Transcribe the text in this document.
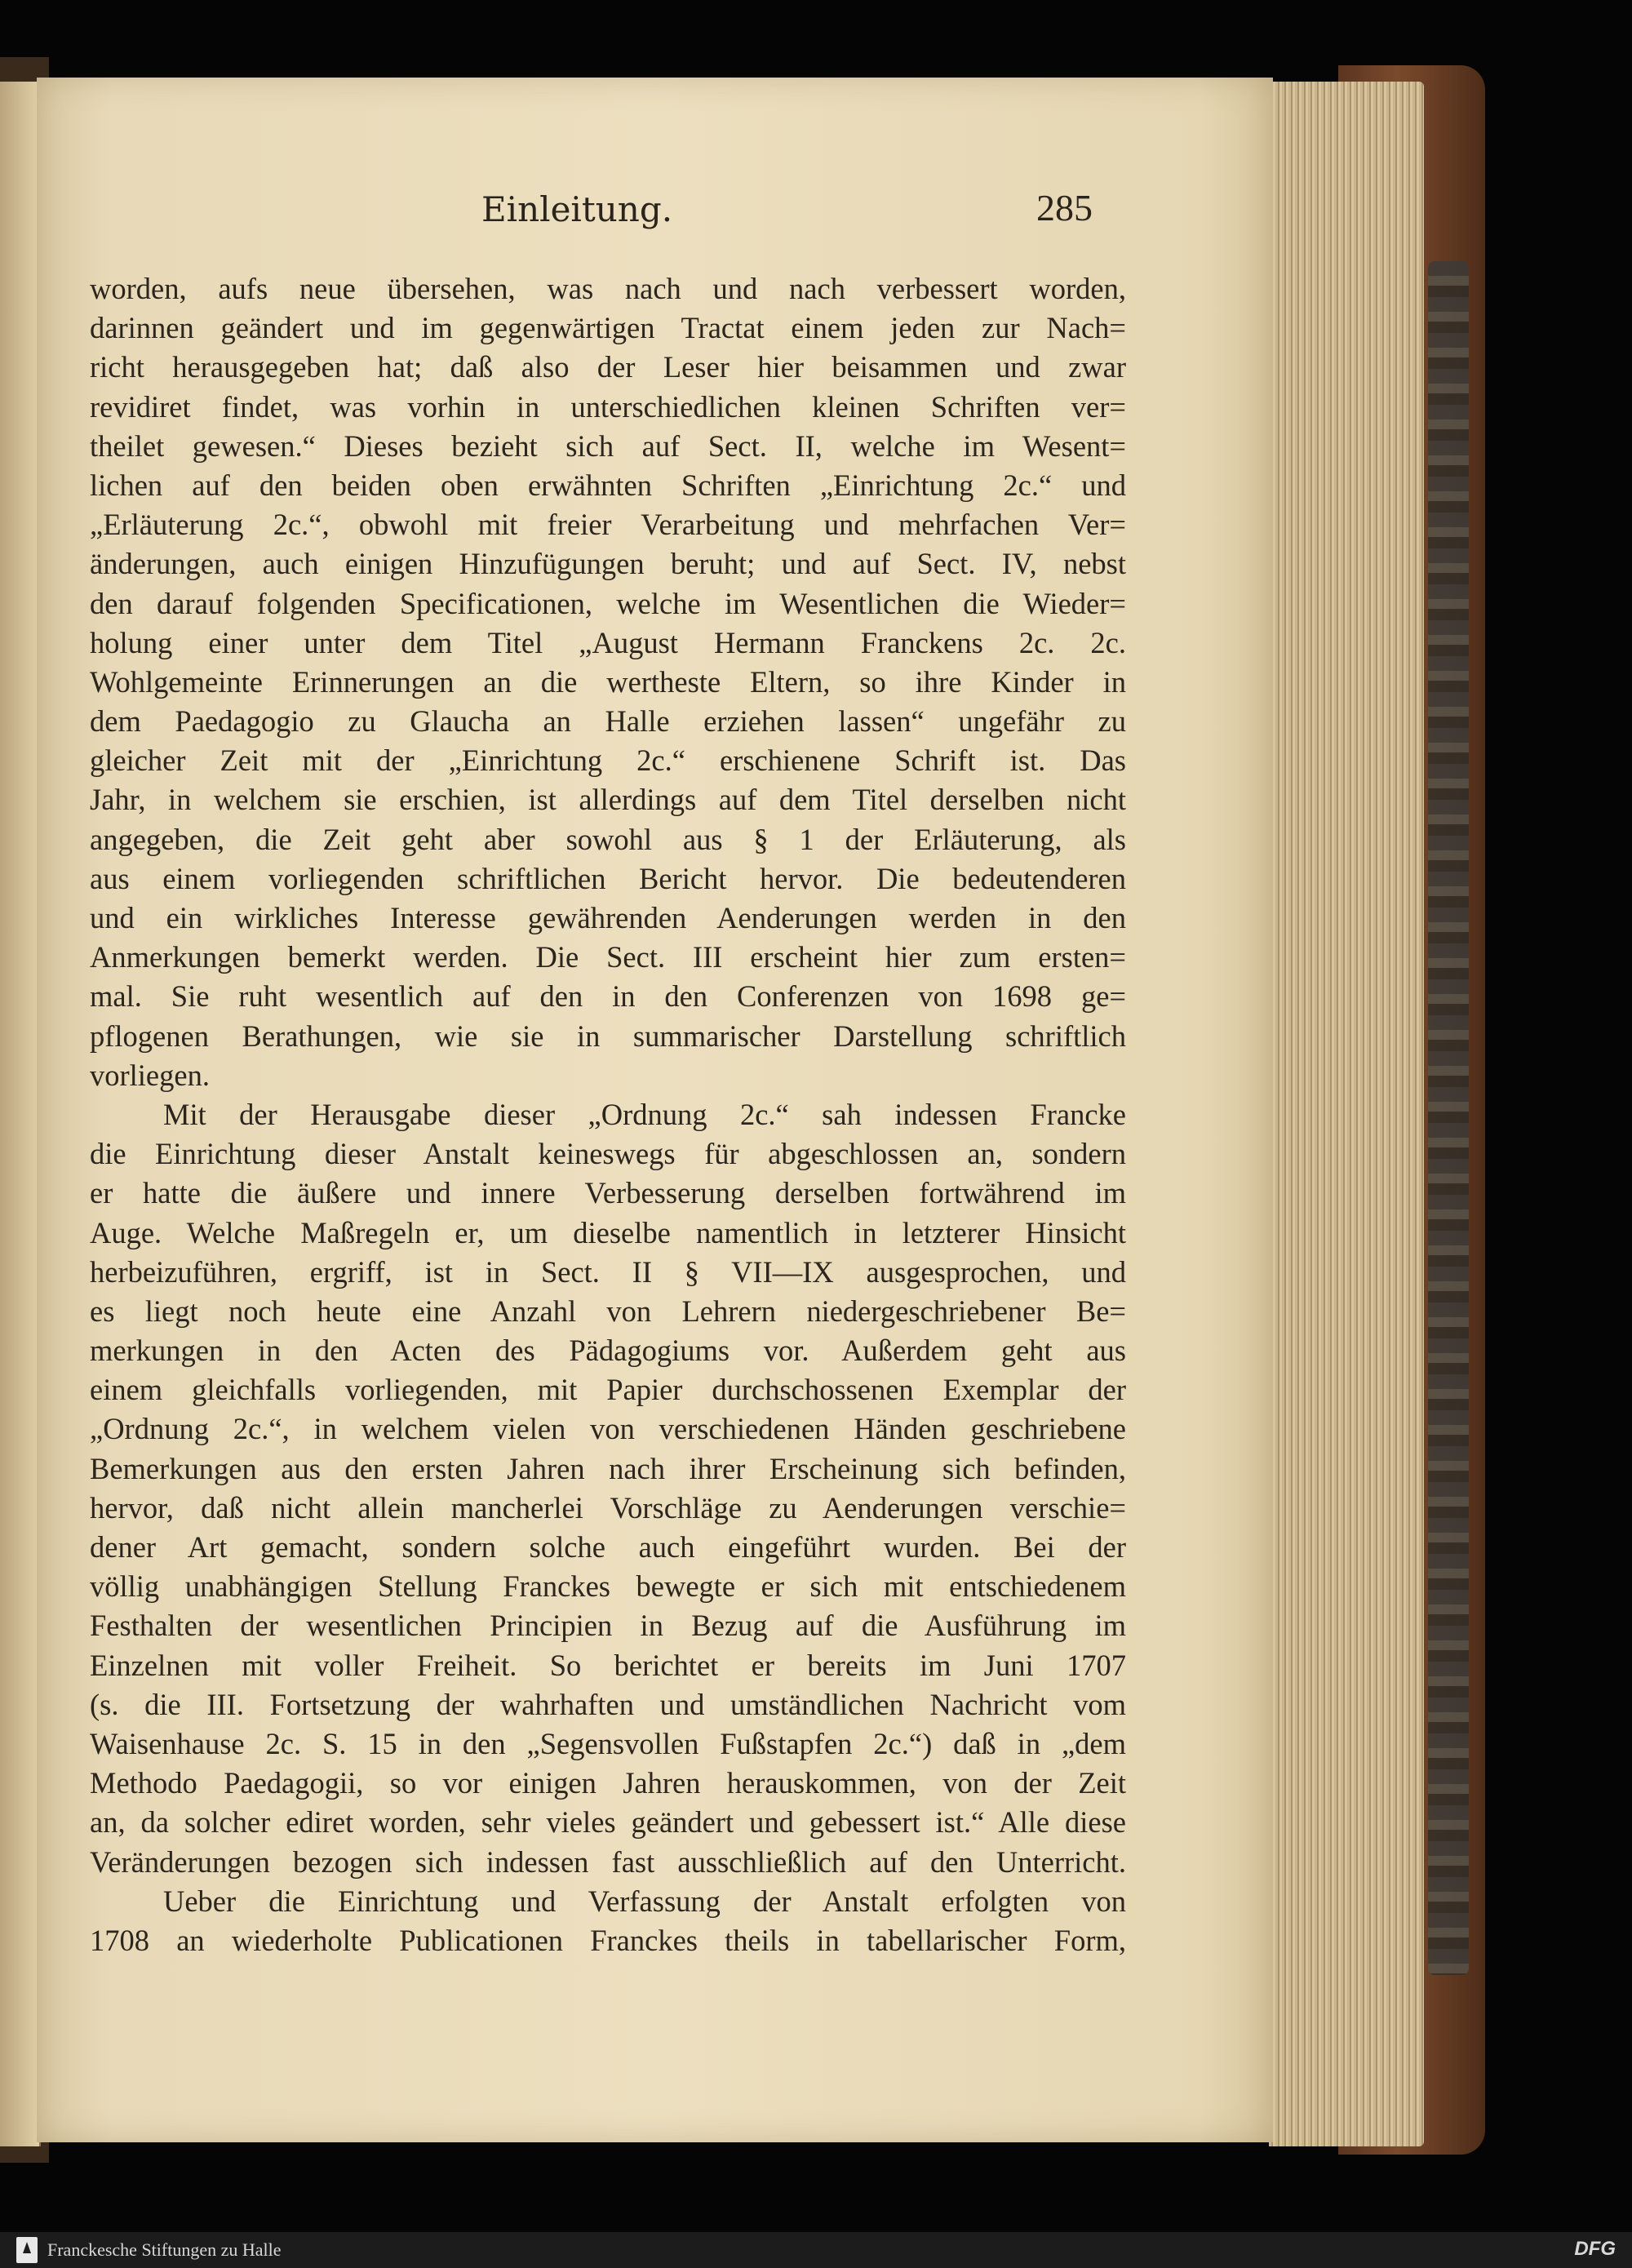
Einleitung.	285
worden, aufs neue übersehen, was nach und nach verbessert worden,
darinnen geändert und im gegenwärtigen Tractat einem jeden zur Nach=
richt herausgegeben hat; daß also der Leser hier beisammen und zwar
revidiret findet, was vorhin in unterschiedlichen kleinen Schriften ver=
theilet gewesen.“ Dieses bezieht sich auf Sect. II, welche im Wesent=
lichen auf den beiden oben erwähnten Schriften „Einrichtung 2c.“ und
„Erläuterung 2c.“, obwohl mit freier Verarbeitung und mehrfachen Ver=
änderungen, auch einigen Hinzufügungen beruht; und auf Sect. IV, nebst
den darauf folgenden Specificationen, welche im Wesentlichen die Wieder=
holung einer unter dem Titel „August Hermann Franckens 2c. 2c.
Wohlgemeinte Erinnerungen an die wertheste Eltern, so ihre Kinder in
dem Paedagogio zu Glaucha an Halle erziehen lassen“ ungefähr zu
gleicher Zeit mit der „Einrichtung 2c.“ erschienene Schrift ist. Das
Jahr, in welchem sie erschien, ist allerdings auf dem Titel derselben nicht
angegeben, die Zeit geht aber sowohl aus § 1 der Erläuterung, als
aus einem vorliegenden schriftlichen Bericht hervor. Die bedeutenderen
und ein wirkliches Interesse gewährenden Aenderungen werden in den
Anmerkungen bemerkt werden. Die Sect. III erscheint hier zum ersten=
mal. Sie ruht wesentlich auf den in den Conferenzen von 1698 ge=
pflogenen Berathungen, wie sie in summarischer Darstellung schriftlich
vorliegen.
Mit der Herausgabe dieser „Ordnung 2c.“ sah indessen Francke
die Einrichtung dieser Anstalt keineswegs für abgeschlossen an, sondern
er hatte die äußere und innere Verbesserung derselben fortwährend im
Auge. Welche Maßregeln er, um dieselbe namentlich in letzterer Hinsicht
herbeizuführen, ergriff, ist in Sect. II § VII—IX ausgesprochen, und
es liegt noch heute eine Anzahl von Lehrern niedergeschriebener Be=
merkungen in den Acten des Pädagogiums vor. Außerdem geht aus
einem gleichfalls vorliegenden, mit Papier durchschossenen Exemplar der
„Ordnung 2c.“, in welchem vielen von verschiedenen Händen geschriebene
Bemerkungen aus den ersten Jahren nach ihrer Erscheinung sich befinden,
hervor, daß nicht allein mancherlei Vorschläge zu Aenderungen verschie=
dener Art gemacht, sondern solche auch eingeführt wurden. Bei der
völlig unabhängigen Stellung Franckes bewegte er sich mit entschiedenem
Festhalten der wesentlichen Principien in Bezug auf die Ausführung im
Einzelnen mit voller Freiheit. So berichtet er bereits im Juni 1707
(s. die III. Fortsetzung der wahrhaften und umständlichen Nachricht vom
Waisenhause 2c. S. 15 in den „Segensvollen Fußstapfen 2c.“) daß in „dem
Methodo Paedagogii, so vor einigen Jahren herauskommen, von der Zeit
an, da solcher ediret worden, sehr vieles geändert und gebessert ist.“ Alle diese
Veränderungen bezogen sich indessen fast ausschließlich auf den Unterricht.
Ueber die Einrichtung und Verfassung der Anstalt erfolgten von
1708 an wiederholte Publicationen Franckes theils in tabellarischer Form,
Franckesche Stiftungen zu Halle	DFG
